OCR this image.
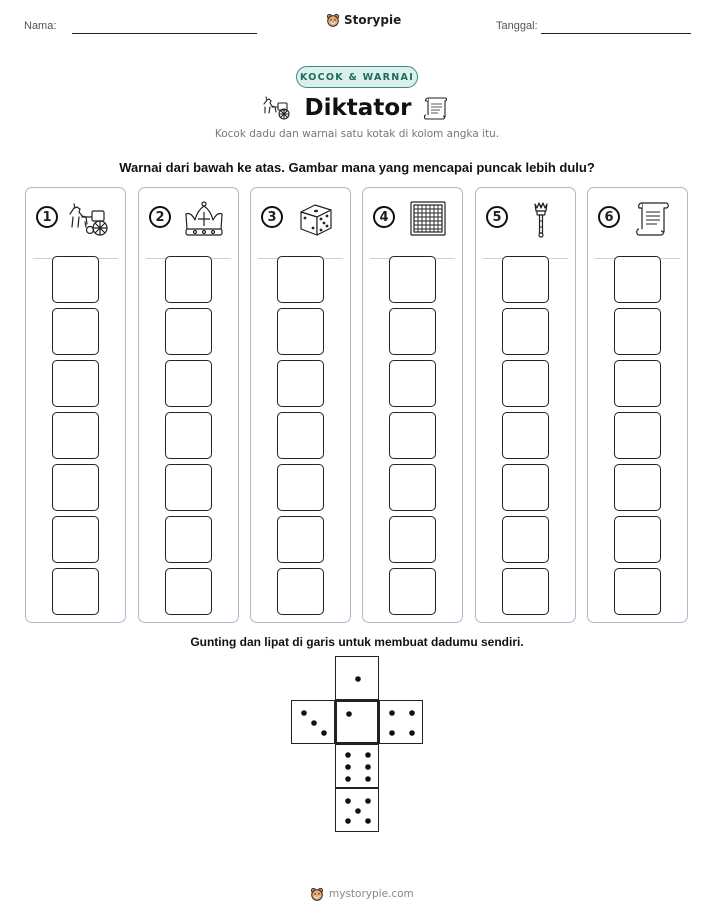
Nama:	Storypie	Tanggal:
KOCOK & WARNAI
Diktator
Kocok dadu dan warnai satu kotak di kolom angka itu.
Warnai dari bawah ke atas. Gambar mana yang mencapai puncak lebih dulu?
1	2	3	4	5	6
Gunting dan lipat di garis untuk membuat dadumu sendiri.
mystorypie.com
